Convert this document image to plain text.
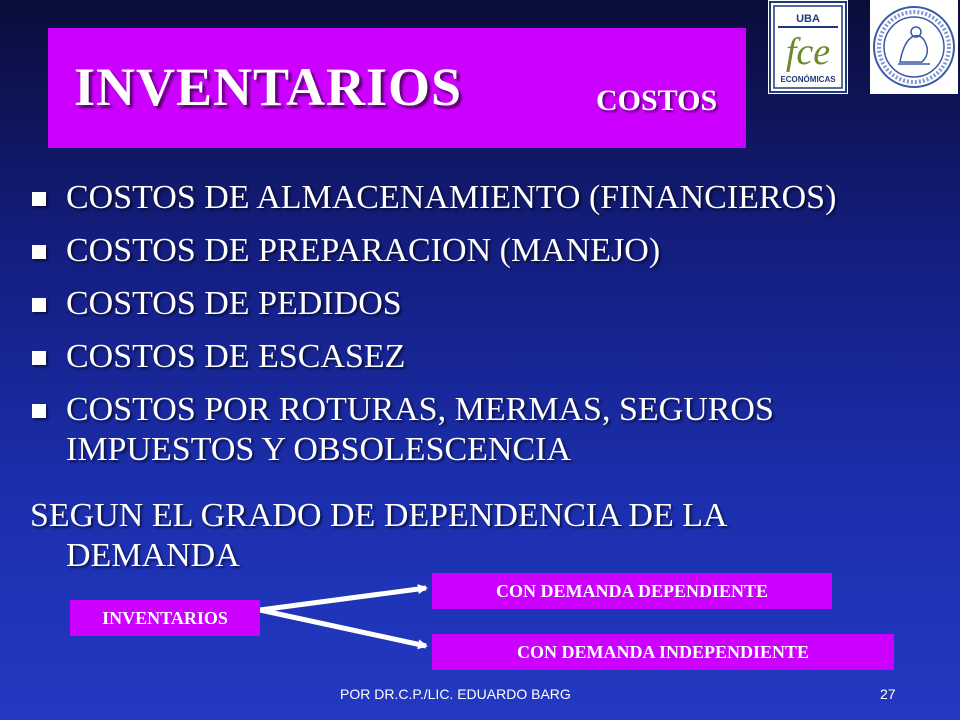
INVENTARIOS	COSTOS
UBA
fce
ECONÓMICAS
COSTOS DE ALMACENAMIENTO (FINANCIEROS)
COSTOS DE PREPARACION (MANEJO)
COSTOS DE PEDIDOS
COSTOS DE ESCASEZ
COSTOS POR ROTURAS, MERMAS, SEGUROS IMPUESTOS Y OBSOLESCENCIA
SEGUN EL GRADO DE DEPENDENCIA DE LA
DEMANDA
INVENTARIOS
CON DEMANDA DEPENDIENTE
CON DEMANDA INDEPENDIENTE
POR DR.C.P./LIC. EDUARDO BARG	27
